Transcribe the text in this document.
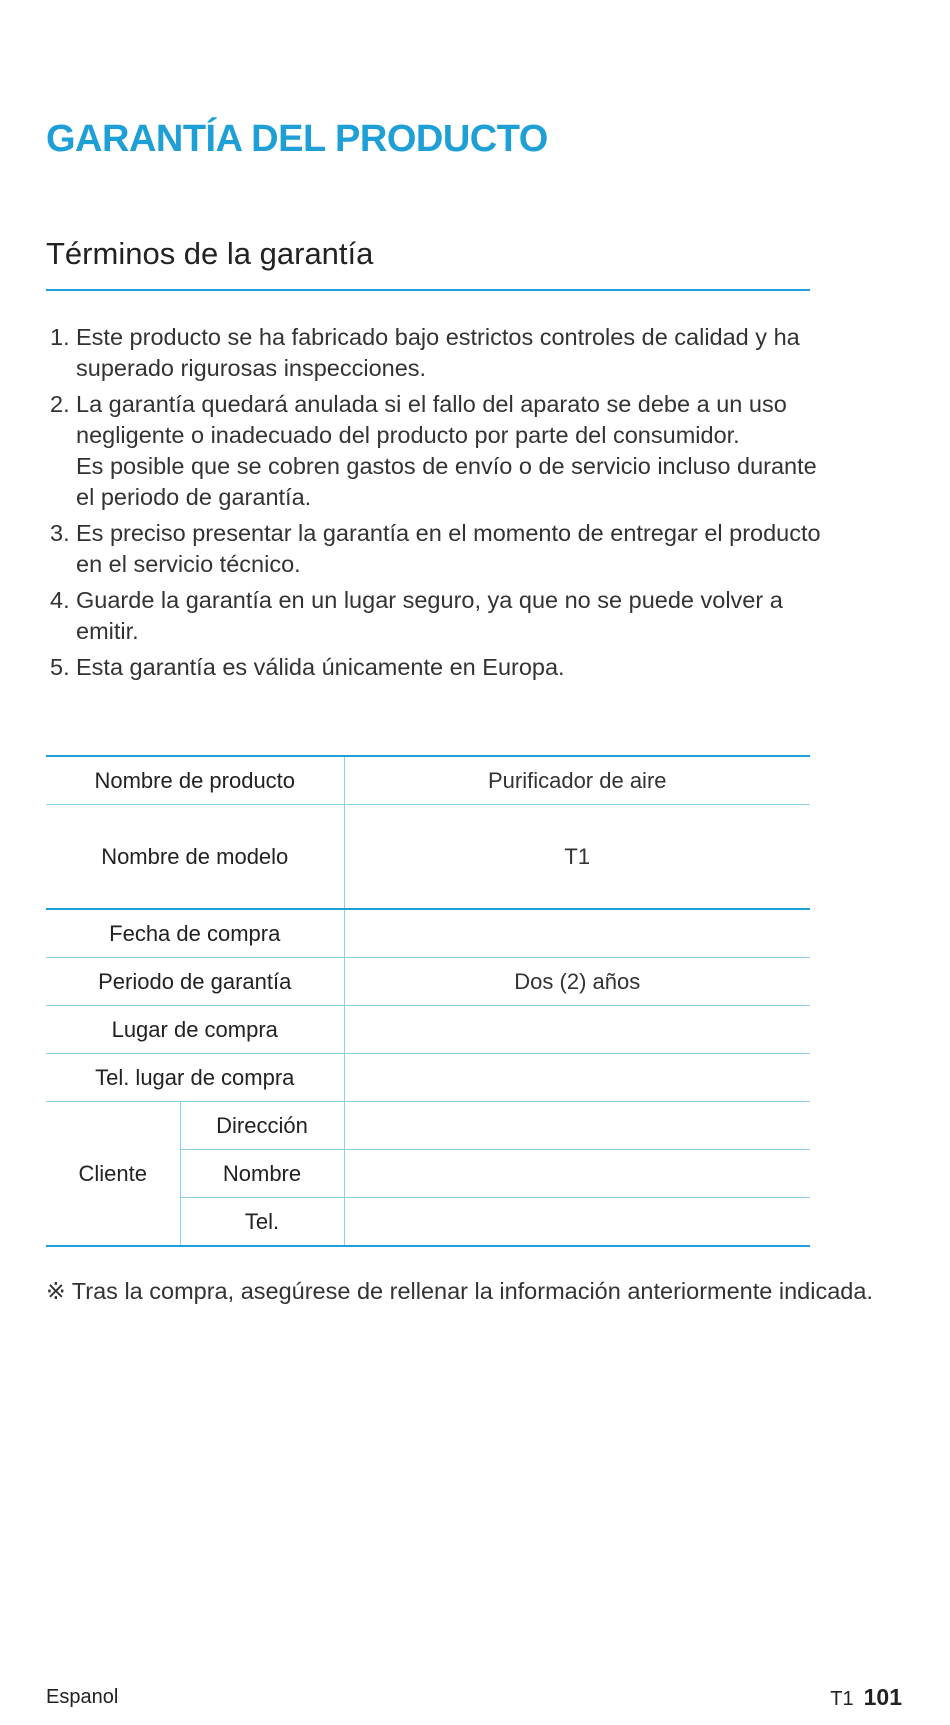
GARANTÍA DEL PRODUCTO
Términos de la garantía
1. Este producto se ha fabricado bajo estrictos controles de calidad y ha
superado rigurosas inspecciones.
2. La garantía quedará anulada si el fallo del aparato se debe a un uso
negligente o inadecuado del producto por parte del consumidor.
Es posible que se cobren gastos de envío o de servicio incluso durante
el periodo de garantía.
3. Es preciso presentar la garantía en el momento de entregar el producto
en el servicio técnico.
4. Guarde la garantía en un lugar seguro, ya que no se puede volver a
emitir.
5. Esta garantía es válida únicamente en Europa.
Nombre de producto		Purificador de aire
Nombre de modelo		T1
Fecha de compra		
Periodo de garantía		Dos (2) años
Lugar de compra		
Tel. lugar de compra		
Cliente	Dirección	
	Nombre	
	Tel.	

※ Tras la compra, asegúrese de rellenar la información anteriormente indicada.

Espanol	T1 101
